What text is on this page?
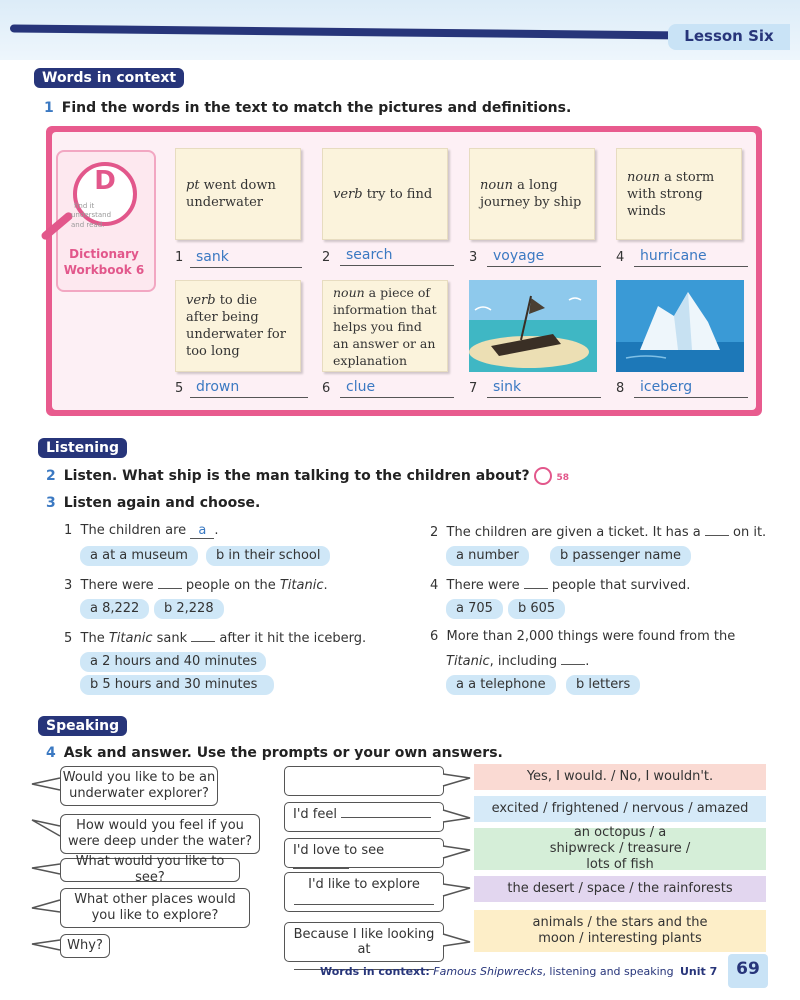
Lesson Six
Words in context
1 Find the words in the text to match the pictures and definitions.
D
find it
understand
and read.
Dictionary
Workbook 6
pt went down underwater
verb try to find
noun a long journey by ship
noun a storm with strong winds
1 sank	2	search	3	voyage	4	hurricane
verb to die after being underwater for too long
noun a piece of information that helps you find an answer or an explanation
5 drown	6	clue	7	sink	8	iceberg
Listening
2 Listen. What ship is the man talking to the children about?	58
3 Listen again and choose.
1 The children are a .
a at a museum	b in their school
2 The children are given a ticket. It has a  on it.
a number	b passenger name
3 There were  people on the Titanic.
a 8,222	b 2,228
4 There were  people that survived.
a 705	b 605
5 The Titanic sank  after it hit the iceberg.
a 2 hours and 40 minutes
b 5 hours and 30 minutes
6 More than 2,000 things were found from the
Titanic, including .
a a telephone	b letters
Speaking
4 Ask and answer. Use the prompts or your own answers.
Would you like to be an underwater explorer?
How would you feel if you were deep under the water?
What would you like to see?
What other places would you like to explore?
Why?
I'd feel
I'd love to see
I'd like to explore
Because I like looking at
Yes, I would. / No, I wouldn't.
excited / frightened / nervous / amazed
an octopus / a shipwreck / treasure / lots of fish
the desert / space / the rainforests
animals / the stars and the moon / interesting plants
Words in context: Famous Shipwrecks, listening and speaking Unit 7	69
